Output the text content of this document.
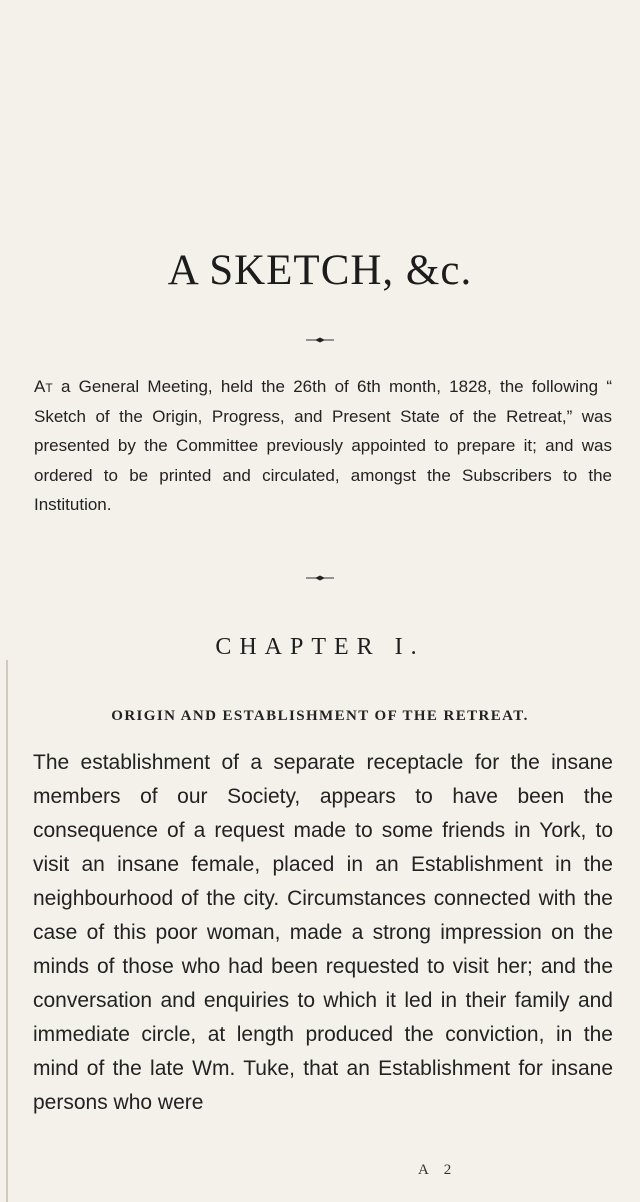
A SKETCH, &c.
At a General Meeting, held the 26th of 6th month, 1828, the following “ Sketch of the Origin, Progress, and Present State of the Retreat,” was presented by the Committee previously appointed to prepare it; and was ordered to be printed and circulated, amongst the Subscribers to the Institution.
CHAPTER I.
ORIGIN AND ESTABLISHMENT OF THE RETREAT.
The establishment of a separate receptacle for the insane members of our Society, appears to have been the consequence of a request made to some friends in York, to visit an insane female, placed in an Establishment in the neighbourhood of the city. Circumstances connected with the case of this poor woman, made a strong impression on the minds of those who had been requested to visit her; and the conversation and enquiries to which it led in their family and immediate circle, at length produced the conviction, in the mind of the late Wm. Tuke, that an Establishment for insane persons who were
A 2
